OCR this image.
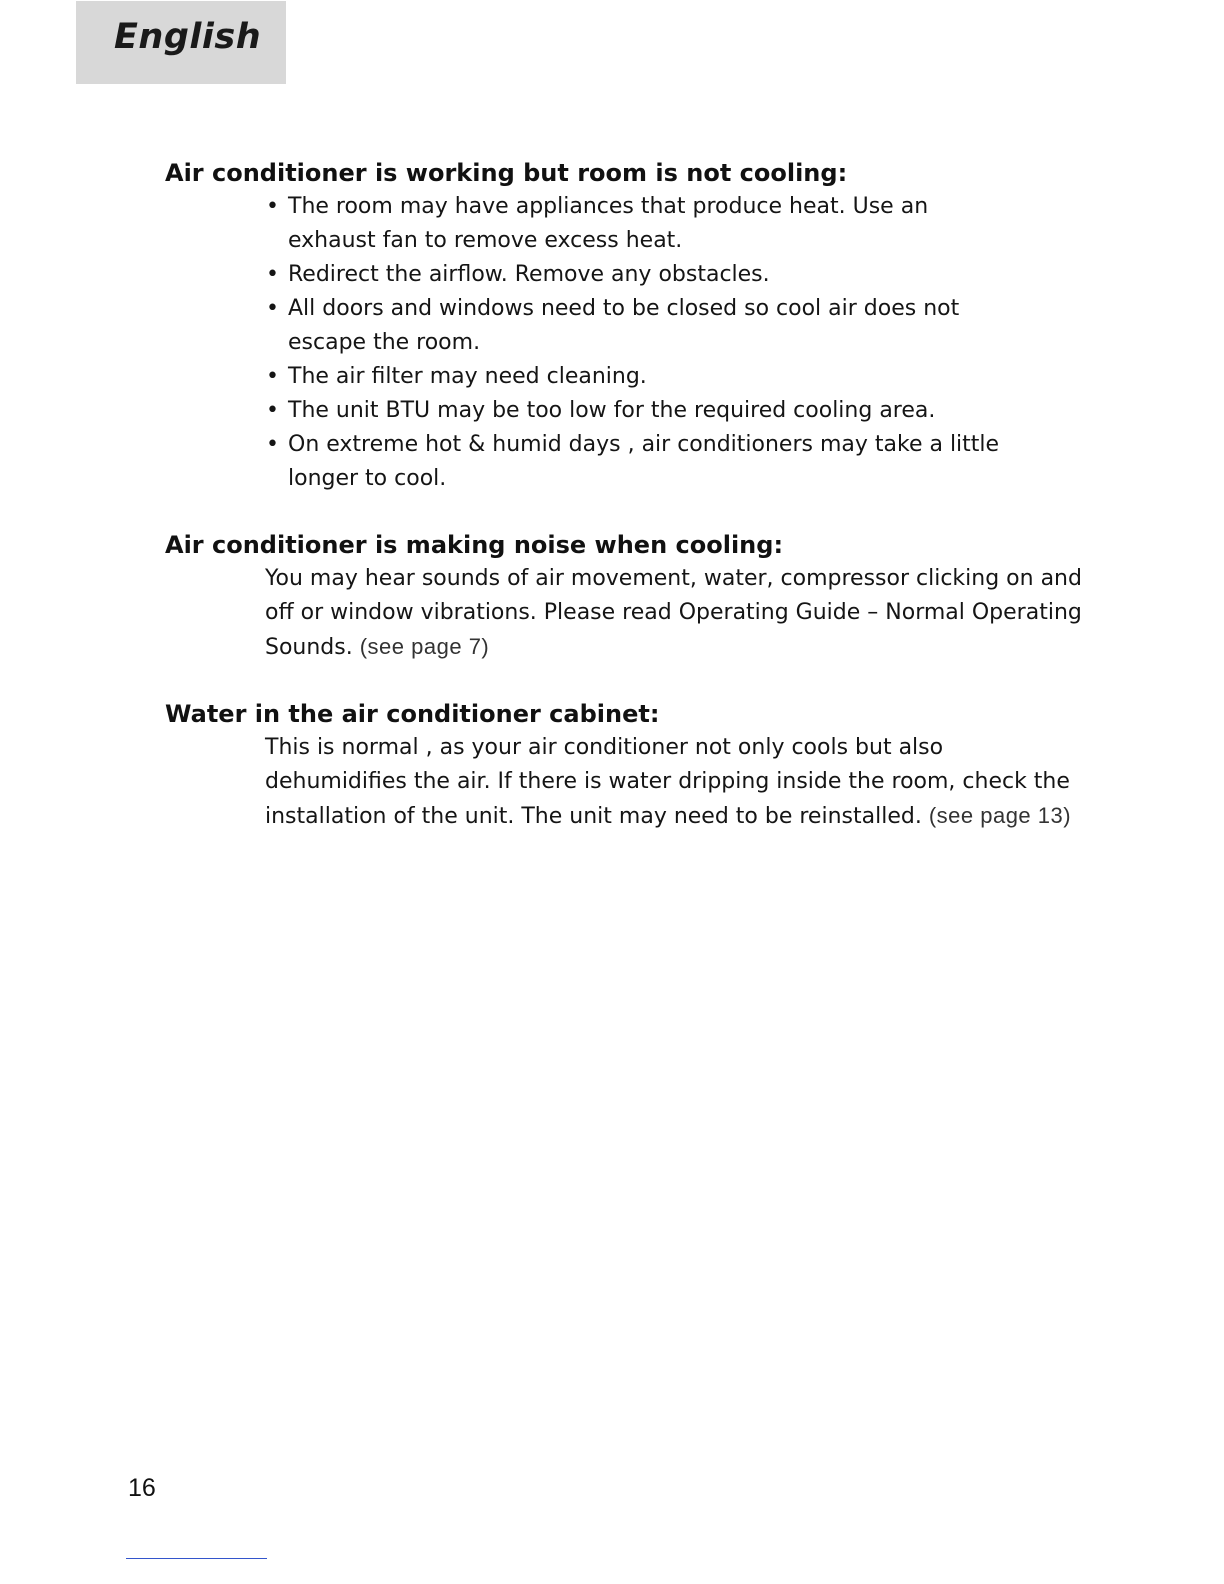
English
Air conditioner is working but room is not cooling:
• The room may have appliances that produce heat. Use an exhaust fan to remove excess heat.
• Redirect the airflow. Remove any obstacles.
• All doors and windows need to be closed so cool air does not escape the room.
• The air filter may need cleaning.
• The unit BTU may be too low for the required cooling area.
• On extreme hot & humid days , air conditioners may take a little longer to cool.
Air conditioner is making noise when cooling:

You may hear sounds of air movement, water, compressor clicking on and off or window vibrations. Please read Operating Guide – Normal Operating Sounds. (see page 7)

Water in the air conditioner cabinet:

This is normal , as your air conditioner not only cools but also dehumidifies the air. If there is water dripping inside the room, check the installation of the unit. The unit may need to be reinstalled. (see page 13)

16
